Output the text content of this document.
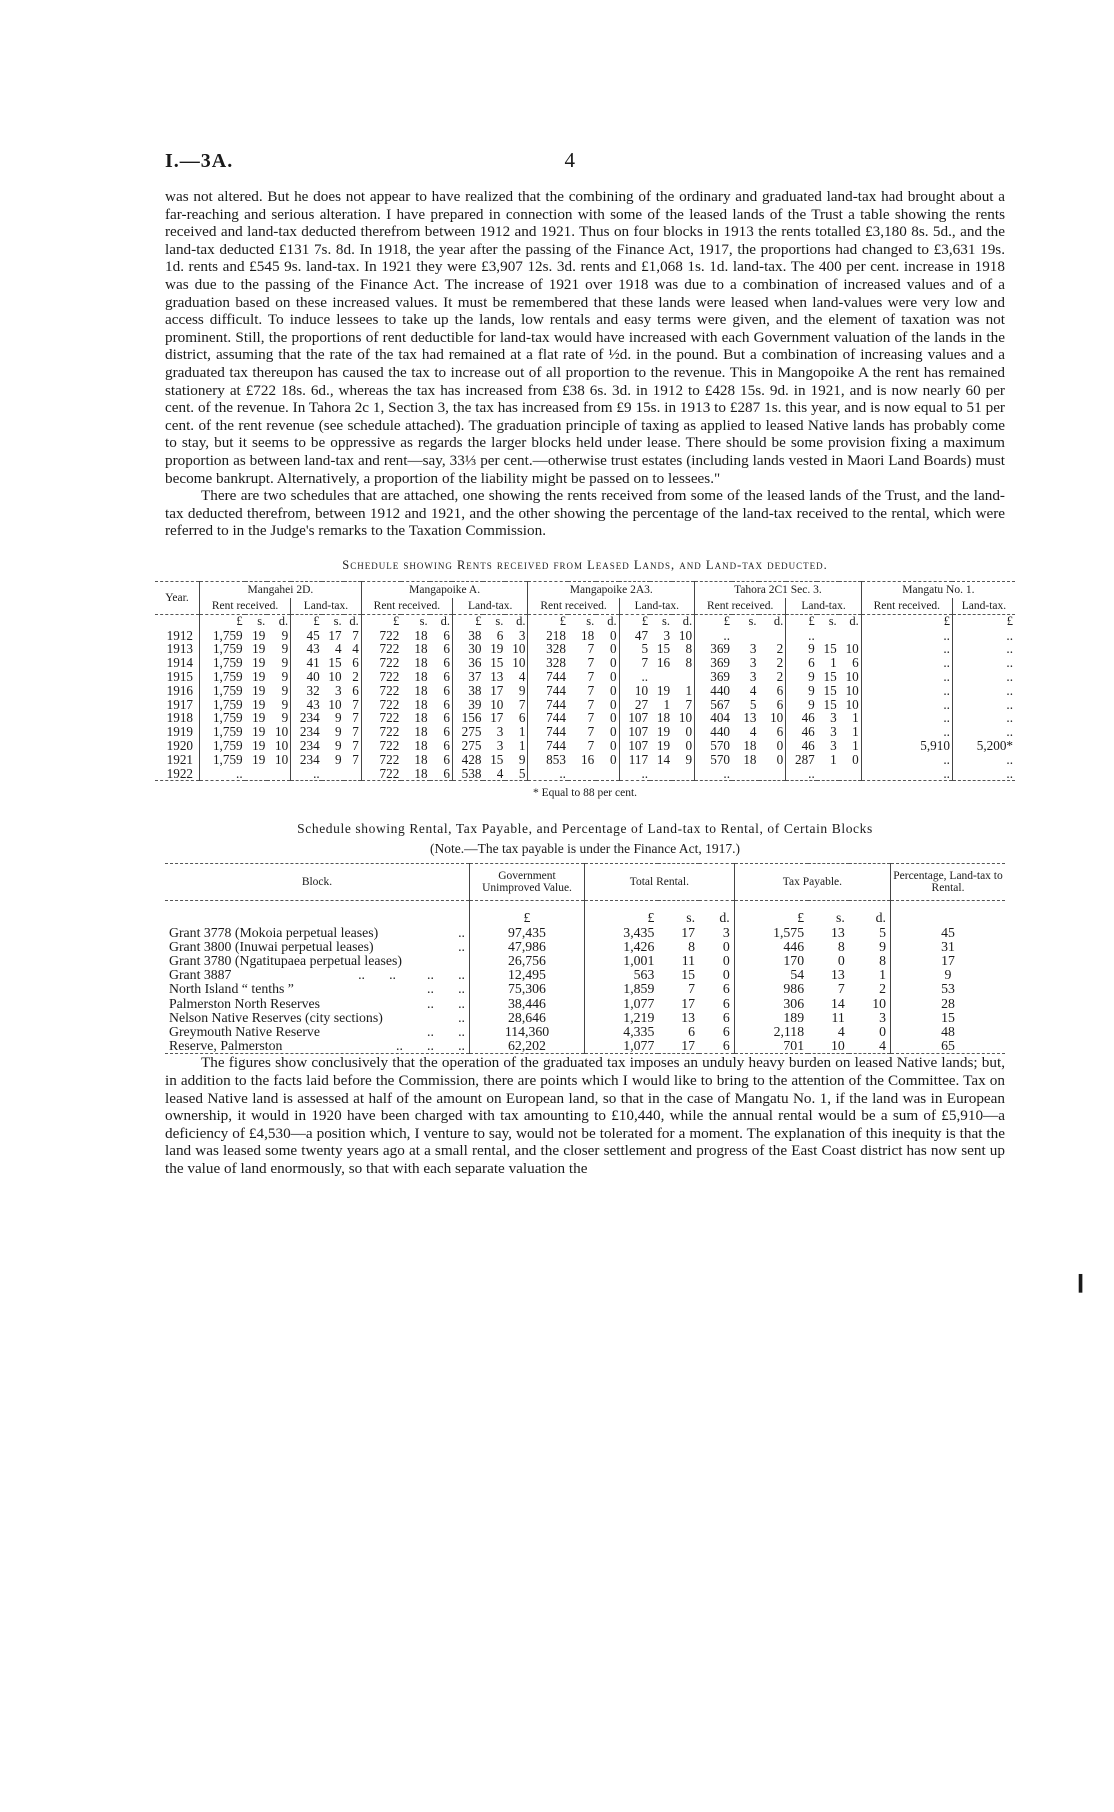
I.—3A.	4

was not altered. But he does not appear to have realized that the combining of the ordinary and graduated land-tax had brought about a far-reaching and serious alteration. I have prepared in connection with some of the leased lands of the Trust a table showing the rents received and land-tax deducted therefrom between 1912 and 1921. Thus on four blocks in 1913 the rents totalled £3,180 8s. 5d., and the land-tax deducted £131 7s. 8d. In 1918, the year after the passing of the Finance Act, 1917, the proportions had changed to £3,631 19s. 1d. rents and £545 9s. land-tax. In 1921 they were £3,907 12s. 3d. rents and £1,068 1s. 1d. land-tax. The 400 per cent. increase in 1918 was due to the passing of the Finance Act. The increase of 1921 over 1918 was due to a combination of increased values and of a graduation based on these increased values. It must be remembered that these lands were leased when land-values were very low and access difficult. To induce lessees to take up the lands, low rentals and easy terms were given, and the element of taxation was not prominent. Still, the proportions of rent deductible for land-tax would have increased with each Government valuation of the lands in the district, assuming that the rate of the tax had remained at a flat rate of ½d. in the pound. But a combination of increasing values and a graduated tax thereupon has caused the tax to increase out of all proportion to the revenue. This in Mangopoike A the rent has remained stationery at £722 18s. 6d., whereas the tax has increased from £38 6s. 3d. in 1912 to £428 15s. 9d. in 1921, and is now nearly 60 per cent. of the revenue. In Tahora 2c 1, Section 3, the tax has increased from £9 15s. in 1913 to £287 1s. this year, and is now equal to 51 per cent. of the rent revenue (see schedule attached). The graduation principle of taxing as applied to leased Native lands has probably come to stay, but it seems to be oppressive as regards the larger blocks held under lease. There should be some provision fixing a maximum proportion as between land-tax and rent—say, 33⅓ per cent.—otherwise trust estates (including lands vested in Maori Land Boards) must become bankrupt. Alternatively, a proportion of the liability might be passed on to lessees."

There are two schedules that are attached, one showing the rents received from some of the leased lands of the Trust, and the land-tax deducted therefrom, between 1912 and 1921, and the other showing the percentage of the land-tax received to the rental, which were referred to in the Judge's remarks to the Taxation Commission.

Schedule showing Rents received from Leased Lands, and Land-tax deducted.
Year.	Mangahei 2D.						Mangapoike A.						Mangapoike 2A3.						Tahora 2C1 Sec. 3.						Mangatu No. 1.	
	Rent received.			Land-tax.			Rent received.			Land-tax.			Rent received.			Land-tax.			Rent received.			Land-tax.			Rent received.	Land-tax.
	£	s.	d.	£	s.	d.	£	s.	d.	£	s.	d.	£	s.	d.	£	s.	d.	£	s.	d.	£	s.	d.	£	£
1912	1,759	19	9	45	17	7	722	18	6	38	6	3	218	18	0	47	3	10	..			..			..	..
1913	1,759	19	9	43	4	4	722	18	6	30	19	10	328	7	0	5	15	8	369	3	2	9	15	10	..	..
1914	1,759	19	9	41	15	6	722	18	6	36	15	10	328	7	0	7	16	8	369	3	2	6	1	6	..	..
1915	1,759	19	9	40	10	2	722	18	6	37	13	4	744	7	0	..			369	3	2	9	15	10	..	..
1916	1,759	19	9	32	3	6	722	18	6	38	17	9	744	7	0	10	19	1	440	4	6	9	15	10	..	..
1917	1,759	19	9	43	10	7	722	18	6	39	10	7	744	7	0	27	1	7	567	5	6	9	15	10	..	..
1918	1,759	19	9	234	9	7	722	18	6	156	17	6	744	7	0	107	18	10	404	13	10	46	3	1	..	..
1919	1,759	19	10	234	9	7	722	18	6	275	3	1	744	7	0	107	19	0	440	4	6	46	3	1	..	..
1920	1,759	19	10	234	9	7	722	18	6	275	3	1	744	7	0	107	19	0	570	18	0	46	3	1	5,910	5,200*
1921	1,759	19	10	234	9	7	722	18	6	428	15	9	853	16	0	117	14	9	570	18	0	287	1	0	..	..
1922	..			..			722	18	6	538	4	5	..			..			..			..			..	..
* Equal to 88 per cent.
Schedule showing Rental, Tax Payable, and Percentage of Land-tax to Rental, of Certain Blocks
(Note.—The tax payable is under the Finance Act, 1917.)
Block.	Government Unimproved Value.	Total Rental.			Tax Payable.			Percentage, Land-tax to Rental.
	£	£	s.	d.	£	s.	d.	
Grant 3778 (Mokoia perpetual leases) ..	97,435	3,435	17	3	1,575	13	5	45
Grant 3800 (Inuwai perpetual leases) ..	47,986	1,426	8	0	446	8	9	31
Grant 3780 (Ngatitupaea perpetual leases)	26,756	1,001	11	0	170	0	8	17
Grant 3887 ..       ..         ..       ..	12,495	563	15	0	54	13	1	9
North Island “ tenths ” ..       ..	75,306	1,859	7	6	986	7	2	53
Palmerston North Reserves ..       ..	38,446	1,077	17	6	306	14	10	28
Nelson Native Reserves (city sections) ..	28,646	1,219	13	6	189	11	3	15
Greymouth Native Reserve ..       ..	114,360	4,335	6	6	2,118	4	0	48
Reserve, Palmerston ..       ..       ..	62,202	1,077	17	6	701	10	4	65

The figures show conclusively that the operation of the graduated tax imposes an unduly heavy burden on leased Native lands; but, in addition to the facts laid before the Commission, there are points which I would like to bring to the attention of the Committee. Tax on leased Native land is assessed at half of the amount on European land, so that in the case of Mangatu No. 1, if the land was in European ownership, it would in 1920 have been charged with tax amounting to £10,440, while the annual rental would be a sum of £5,910—a deficiency of £4,530—a position which, I venture to say, would not be tolerated for a moment. The explanation of this inequity is that the land was leased some twenty years ago at a small rental, and the closer settlement and progress of the East Coast district has now sent up the value of land enormously, so that with each separate valuation the

❙
